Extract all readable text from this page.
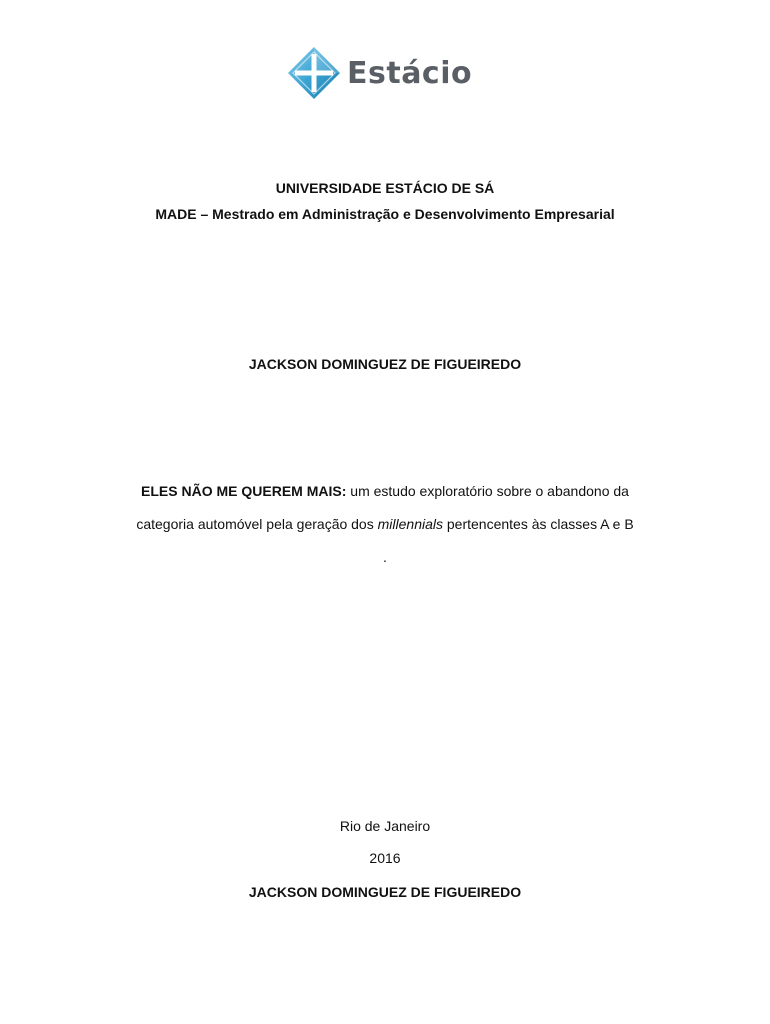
Estácio
UNIVERSIDADE ESTÁCIO DE SÁ
MADE – Mestrado em Administração e Desenvolvimento Empresarial
JACKSON DOMINGUEZ DE FIGUEIREDO
ELES NÃO ME QUEREM MAIS: um estudo exploratório sobre o abandono da
categoria automóvel pela geração dos millennials pertencentes às classes A e B
.
Rio de Janeiro
2016
JACKSON DOMINGUEZ DE FIGUEIREDO
